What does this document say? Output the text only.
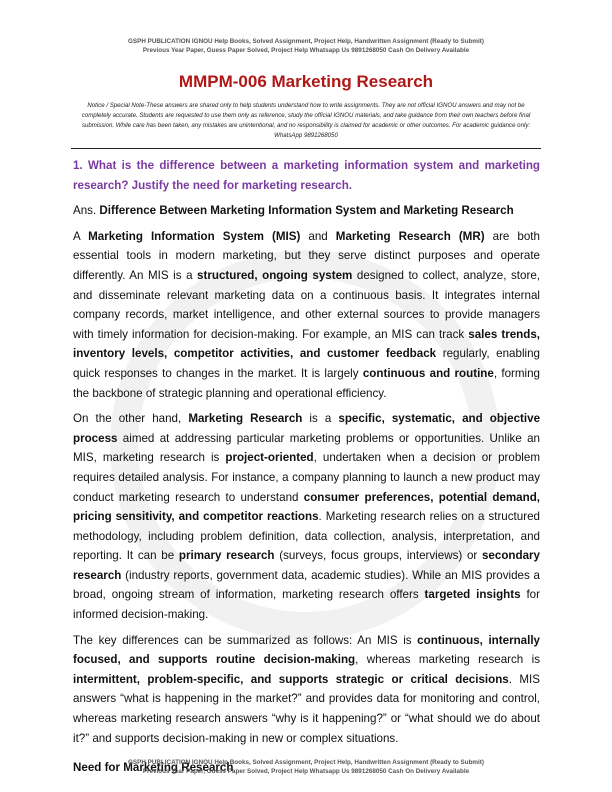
GSPH PUBLICATION IGNOU Help Books, Solved Assignment, Project Help, Handwritten Assignment (Ready to Submit)
Previous Year Paper, Guess Paper Solved, Project Help Whatsapp Us 9891268050 Cash On Delivery Available
MMPM-006 Marketing Research
Notice / Special Note-These answers are shared only to help students understand how to write assignments. They are not official IGNOU answers and may not be completely accurate. Students are requested to use them only as reference, study the official IGNOU materials, and take guidance from their own teachers before final submission. While care has been taken, any mistakes are unintentional, and no responsibility is claimed for academic or other outcomes. For academic guidance only: WhatsApp 9891268050

1. What is the difference between a marketing information system and marketing research? Justify the need for marketing research.

Ans. Difference Between Marketing Information System and Marketing Research

A Marketing Information System (MIS) and Marketing Research (MR) are both essential tools in modern marketing, but they serve distinct purposes and operate differently. An MIS is a structured, ongoing system designed to collect, analyze, store, and disseminate relevant marketing data on a continuous basis. It integrates internal company records, market intelligence, and other external sources to provide managers with timely information for decision-making. For example, an MIS can track sales trends, inventory levels, competitor activities, and customer feedback regularly, enabling quick responses to changes in the market. It is largely continuous and routine, forming the backbone of strategic planning and operational efficiency.

On the other hand, Marketing Research is a specific, systematic, and objective process aimed at addressing particular marketing problems or opportunities. Unlike an MIS, marketing research is project-oriented, undertaken when a decision or problem requires detailed analysis. For instance, a company planning to launch a new product may conduct marketing research to understand consumer preferences, potential demand, pricing sensitivity, and competitor reactions. Marketing research relies on a structured methodology, including problem definition, data collection, analysis, interpretation, and reporting. It can be primary research (surveys, focus groups, interviews) or secondary research (industry reports, government data, academic studies). While an MIS provides a broad, ongoing stream of information, marketing research offers targeted insights for informed decision-making.

The key differences can be summarized as follows: An MIS is continuous, internally focused, and supports routine decision-making, whereas marketing research is intermittent, problem-specific, and supports strategic or critical decisions. MIS answers “what is happening in the market?” and provides data for monitoring and control, whereas marketing research answers “why is it happening?” or “what should we do about it?” and supports decision-making in new or complex situations.

Need for Marketing Research

GSPH PUBLICATION IGNOU Help Books, Solved Assignment, Project Help, Handwritten Assignment (Ready to Submit)
Previous Year Paper, Guess Paper Solved, Project Help Whatsapp Us 9891268050 Cash On Delivery Available
